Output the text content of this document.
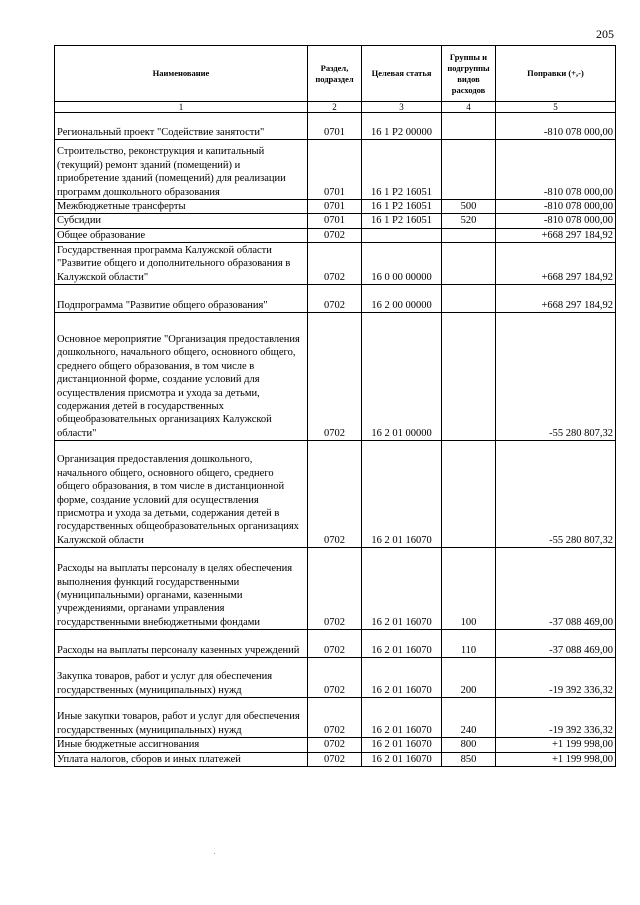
205
Наименование	Раздел, подраздел	Целевая статья	Группы и подгруппы видов расходов	Поправки (+,-)
1	2	3	4	5
Региональный проект "Содействие занятости"	0701	16 1 P2 00000		-810 078 000,00
Строительство, реконструкция и капитальный (текущий) ремонт зданий (помещений) и приобретение зданий (помещений) для реализации программ дошкольного образования	0701	16 1 P2 16051		-810 078 000,00
Межбюджетные трансферты	0701	16 1 P2 16051	500	-810 078 000,00
Субсидии	0701	16 1 P2 16051	520	-810 078 000,00
Общее образование	0702			+668 297 184,92
Государственная программа Калужской области "Развитие общего и дополнительного образования в Калужской области"	0702	16 0 00 00000		+668 297 184,92
Подпрограмма "Развитие общего образования"	0702	16 2 00 00000		+668 297 184,92
Основное мероприятие "Организация предоставления дошкольного, начального общего, основного общего, среднего общего образования, в том числе в дистанционной форме, создание условий для осуществления присмотра и ухода за детьми, содержания детей в государственных общеобразовательных организациях Калужской области"	0702	16 2 01 00000		-55 280 807,32
Организация предоставления дошкольного, начального общего, основного общего, среднего общего образования, в том числе в дистанционной форме, создание условий для осуществления присмотра и ухода за детьми, содержания детей в государственных общеобразовательных организациях Калужской области	0702	16 2 01 16070		-55 280 807,32
Расходы на выплаты персоналу в целях обеспечения выполнения функций государственными (муниципальными) органами, казенными учреждениями, органами управления государственными внебюджетными фондами	0702	16 2 01 16070	100	-37 088 469,00
Расходы на выплаты персоналу казенных учреждений	0702	16 2 01 16070	110	-37 088 469,00
Закупка товаров, работ и услуг для обеспечения государственных (муниципальных) нужд	0702	16 2 01 16070	200	-19 392 336,32
Иные закупки товаров, работ и услуг для обеспечения государственных (муниципальных) нужд	0702	16 2 01 16070	240	-19 392 336,32
Иные бюджетные ассигнования	0702	16 2 01 16070	800	+1 199 998,00
Уплата налогов, сборов и иных платежей	0702	16 2 01 16070	850	+1 199 998,00
